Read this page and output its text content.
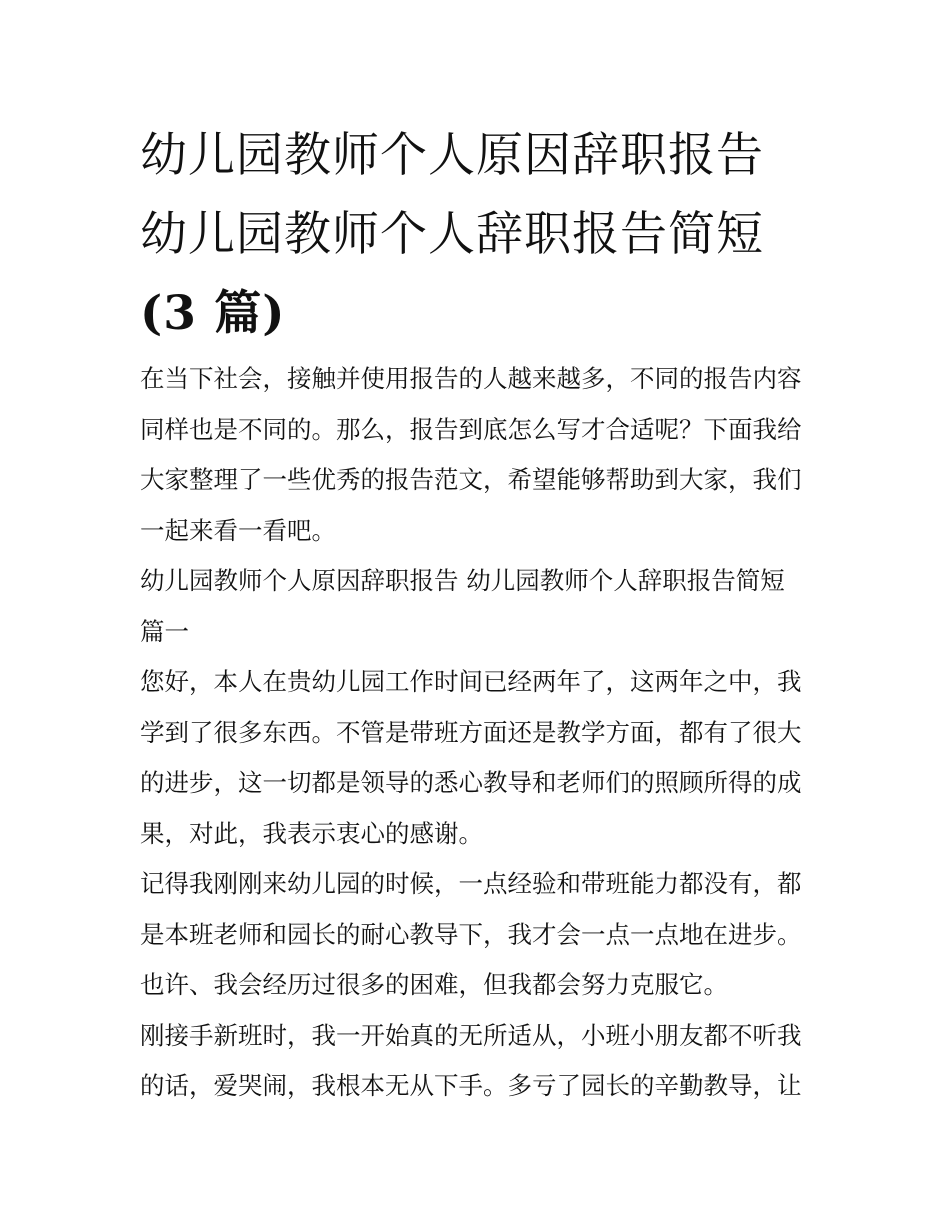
幼儿园教师个人原因辞职报告
幼儿园教师个人辞职报告简短
(3 篇)
在当下社会，接触并使用报告的人越来越多，不同的报告内容
同样也是不同的。那么，报告到底怎么写才合适呢？下面我给
大家整理了一些优秀的报告范文，希望能够帮助到大家，我们
一起来看一看吧。
幼儿园教师个人原因辞职报告 幼儿园教师个人辞职报告简短
篇一
您好，本人在贵幼儿园工作时间已经两年了，这两年之中，我
学到了很多东西。不管是带班方面还是教学方面，都有了很大
的进步，这一切都是领导的悉心教导和老师们的照顾所得的成
果，对此，我表示衷心的感谢。
记得我刚刚来幼儿园的时候，一点经验和带班能力都没有，都
是本班老师和园长的耐心教导下，我才会一点一点地在进步。
也许、我会经历过很多的困难，但我都会努力克服它。
刚接手新班时，我一开始真的无所适从，小班小朋友都不听我
的话，爱哭闹，我根本无从下手。多亏了园长的辛勤教导，让
